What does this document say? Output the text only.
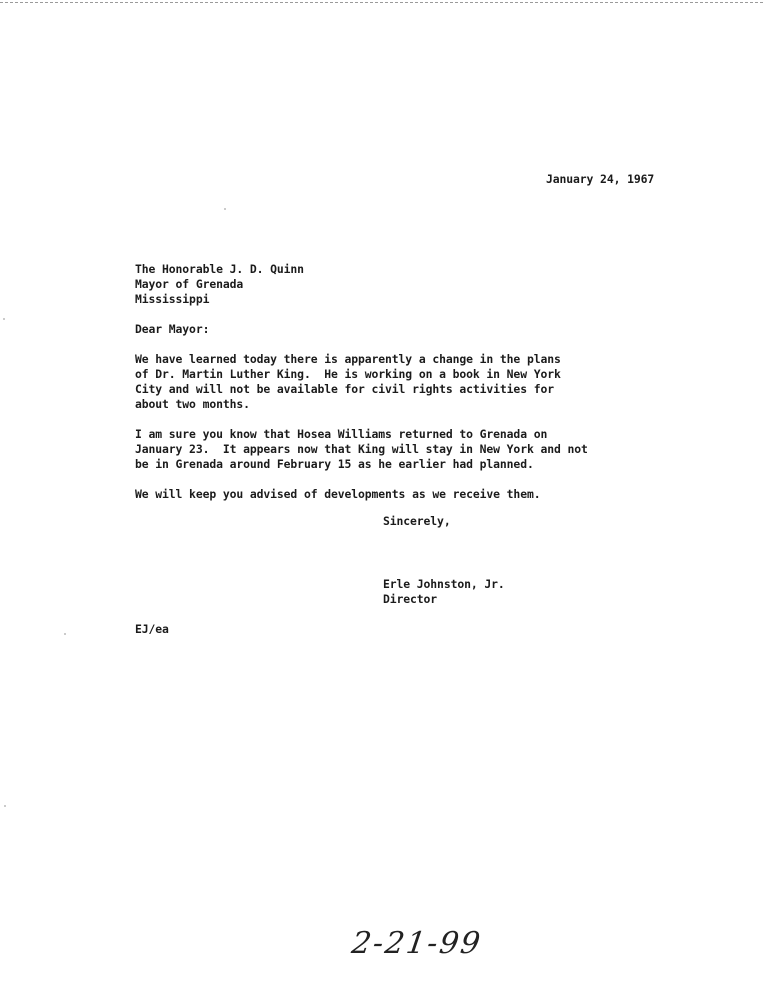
January 24, 1967
The Honorable J. D. Quinn
Mayor of Grenada
Mississippi
Dear Mayor:
We have learned today there is apparently a change in the plans
of Dr. Martin Luther King.  He is working on a book in New York
City and will not be available for civil rights activities for
about two months.
I am sure you know that Hosea Williams returned to Grenada on
January 23.  It appears now that King will stay in New York and not
be in Grenada around February 15 as he earlier had planned.
We will keep you advised of developments as we receive them.
Sincerely,
Erle Johnston, Jr.
Director
EJ/ea
2-21-99
